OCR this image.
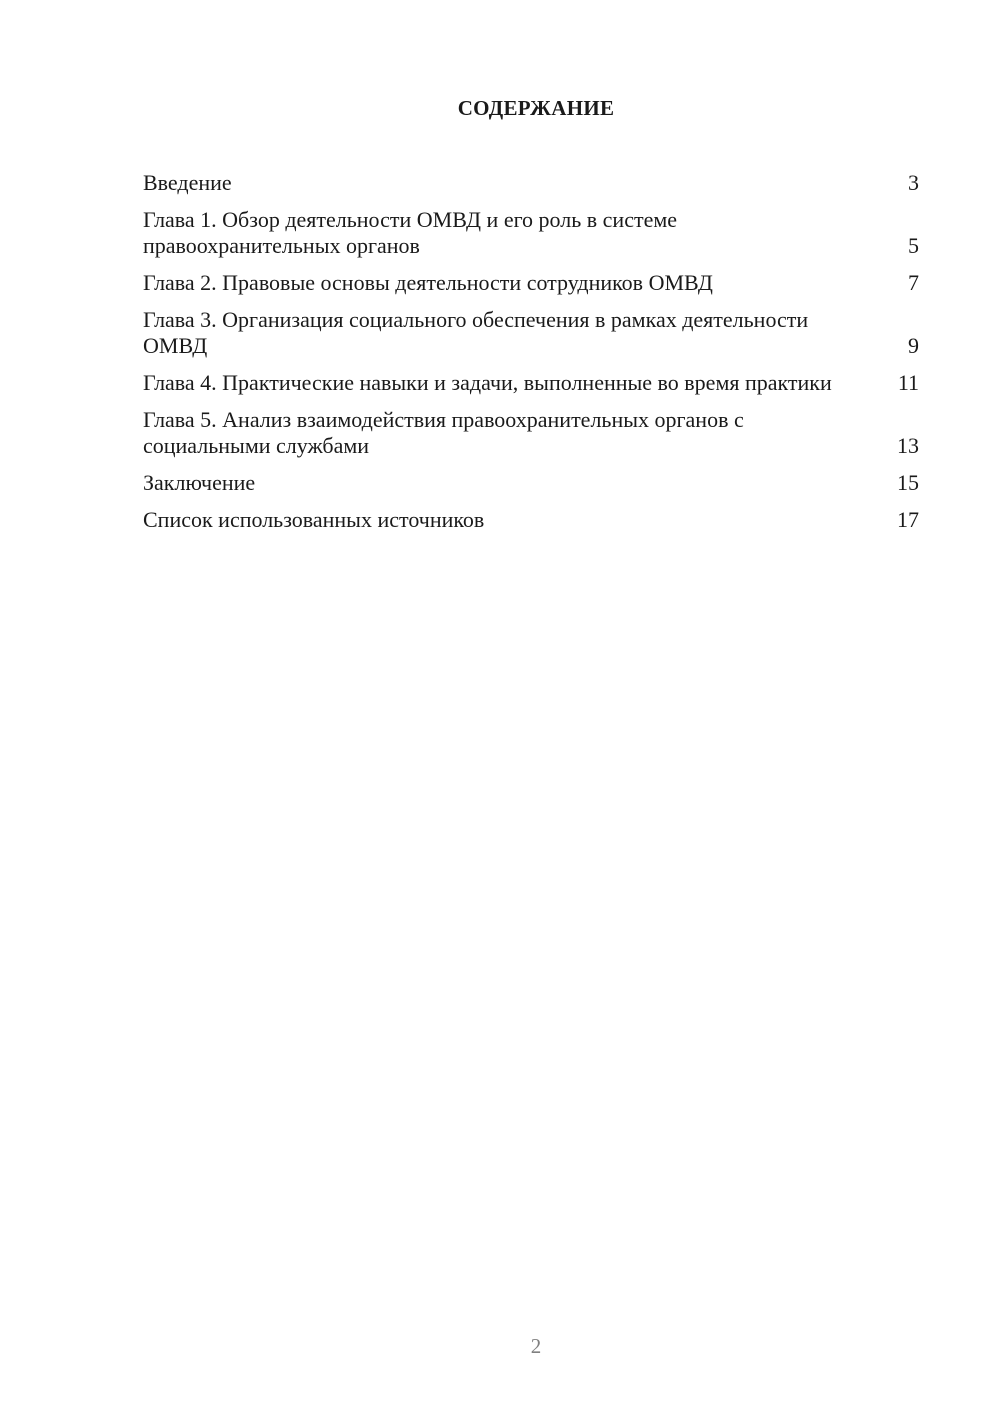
СОДЕРЖАНИЕ
Введение	3
Глава 1. Обзор деятельности ОМВД и его роль в системе правоохранительных органов	5
Глава 2. Правовые основы деятельности сотрудников ОМВД	7
Глава 3. Организация социального обеспечения в рамках деятельности ОМВД	9
Глава 4. Практические навыки и задачи, выполненные во время практики	11
Глава 5. Анализ взаимодействия правоохранительных органов с социальными службами	13
Заключение	15
Список использованных источников	17
2
